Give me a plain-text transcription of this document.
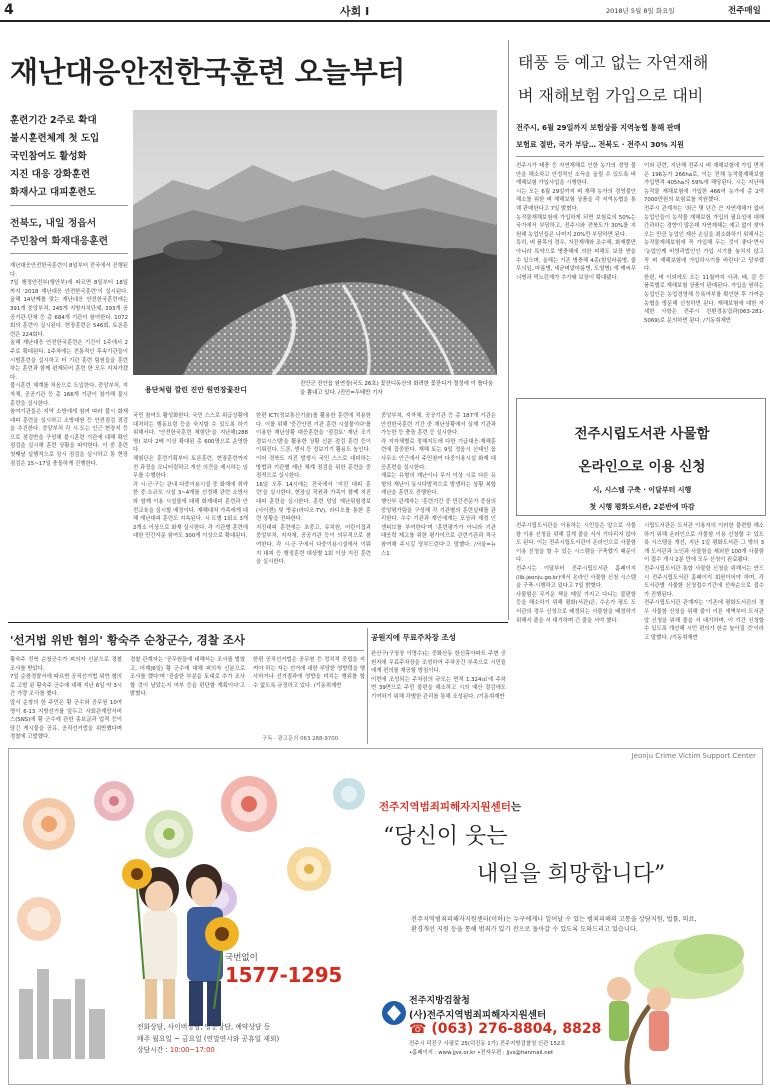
4	사회 I	2018년 5월 8일 화요일	전주매일
재난대응안전한국훈련 오늘부터
훈련기간 2주로 확대
불시훈련체계 첫 도입
국민참여도 활성화
지진 대응 강화훈련
화재사고 대피훈련도
전북도, 내일 정읍서
주민참여 화재대응훈련

재난대응안전한국훈련이 8일부터 전국에서 진행된다.

7일 행정안전부(행안부)에 따르면 8일부터 18일까지 '2018 재난대응 안전한국훈련'이 실시된다. 올해 14년째를 맞는 재난대응 안전한국훈련에는 391개 중앙부처, 245개 지방자치단체, 393개 공공기관·단체 등 총 684개 기관이 참여한다. 1072회의 훈련이 실시된다. 현장훈련은 546회, 토론훈련은 224회다.

올해 재난대응 안전한국훈련은 기간이 1주에서 2주로 확대된다. 1주차에는 전통적인 후속기관들이 시범훈련을 실시하고 터 기관 훈련 팀원들을 훈련하는 훈련과 함께 편제되어 훈련 한 모두 지쳐가겠다.

불시훈련 체계를 처음으로 도입한다. 중앙부처, 지자체, 공공기관 등 총 166개 기관이 참가해 불시 훈련을 실시한다.

참여기관들은 지역 소방에게 참여 따라 불시 화재대피 훈련을 실시하고 소방대원 등 안전점검 점검을 추진한다. 중앙부처 각 시·도는 인근 현장지 등으로 점검반을 구성해 불시훈련 기관에 대해 확인 점검을 실시해 훈련 상황을 파악한다. 이 중 훈련 첫째날 실행적으로 상시 점검을 실시하고 통 현장점검은 15~17일 충돌하게 진행한다.

용단처럼 깔린 진안 원연장꽃잔디
진안군 진안읍 원연장(국도 26호) 꽃잔디동산의 화려한 꽃잔디가 절정에 이 틀다움을 뽐내고 있다. /진안=두태만 기자

국민 참여도 활성화한다. 국민 스스로 위급상황에 대처하는 행동요령 등을 숙지할 수 있도록 하기 위해서다. '안전한국훈련 체험단'을 지난해(288명) 보다 2배 이상 확대된 총 600명으로 운영한다.

체험단은 훈련기획부터 토론훈련, 현장훈련까지 전 과정을 모니터링하고 개선 의견을 제시하는 임무를 수행한다.

각 시·군·구는 관내 다중이용시설 중 화재에 취약한 중·소규모 시설 3~4개를 선정해 관련 소방서와 함께 이용 시설물에 대해 화재대피 훈련과 안전교육을 실시할 예정이다. 재해대처 가족에게 대해 재난대피 훈련도 지속된다. 시·도별 1회소 3개 2개소 이상으로 화재 실시한다. 각 기관별 훈련에 대한 민간자문 참여도 300개 이상으로 확대된다.

한편 ICT(정보통신기술)를 활용한 훈련에 적용한다. 이를 위해 '중간안전 기관 훈련 시설물이다'를 이용한 재난상황 대응훈련을 '점검토' 재난 조기경보시스템'을 활용한 상황 신분 점검 훈련 등이 이뤄진다. 드론, 센서 등 정보기기 활용도 높인다.

이어 경북도 지진 발생시 국민 스스로 대피하는 방법과 기관별 재난 체계 점검을 위한 훈련을 중점적으로 실시한다.

16일 오후 14시에는 전국에서 '지진 대피 훈련'을 실시한다. 현장실 직원과 가족이 함께 지진대피 훈련을 실시한다. 훈련 당일 재난위험경보(사이렌) 및 방송(라디오·TV), 라디오를 통한 훈련 상황을 전파한다.

지진대피 훈련에는 초중고, 유치원, 어린이집과 중앙부처, 지자체, 공공기관 등이 의무적으로 참여한다. 각 시·군·구에서 다중이용시설에서 이뤄지 대피 등 행정훈련 대상별 1회 이상 지진 훈련을 실시한다.

중앙부처, 지자체, 공공기관 등 총 187개 기관은 안전한국훈련 기간 중 재난상황에서 실제 기관과 가능한 등 충돌 훈련 등 실시한다.

각 지자체별로 정해지도에 다한 기급대응·재해훈련에 집중한다. 재해 토는 9일 정읍시 신태인 읍사무소 인근에서 주민참여 다중이용시설 화재 대응훈련을 실시한다.

재료는 유형의 재난이나 무거 이상 시로 다른 유형의 재난이 동시다발적으로 발생하는 상황 복합재난을 훈련도 진행한다.

행안부 관계자는 '훈련기간 중 민간전문가 중심의 중앙평가팀을 구성해 각 기관별의 훈련실태를 관리한다. 우수 기관과 개인에게는 포상과 재정 인센티브를 부여한다'며 '훈련평가가 아니라 기관 대응력 제고를 위한 평가이므로 관련기관과 적극 참여해 주시길 당부드린다'고 말했다. /서울=뉴스1

태풍 등 예고 없는 자연재해
벼 재해보험 가입으로 대비
전주시, 6월 29일까지 보험상품 지역농협 통해 판매
보험료 절반, 국가 부담… 전북도 · 전주시 30% 지원

전주시가 태풍 등 자연재해로 인한 농가의 경영 불안을 해소하고 안정적인 소득을 올릴 수 있도록 벼 재해보험 가입사업을 시행한다.

시는 오는 6월 29일까지 벼 재해 농가의 경영불안 해소를 위한 벼 재해보험 상품을 각 지역농협을 통해 판매한다고 7일 밝혔다.

농작물재해보험에 가입하게 되면 보험료의 50%는 국가에서 부담하고, 전주시와 전북도가 30%를 지원해 농업인들은 나머지 20%만 부담하면 된다.

특히, 벼 품목의 경우, 지진재해와 조수해, 화재뿐만 아니라 특약으로 병충해에 의한 피해도 보장 받을 수 있으며, 올해는 기존 병충해 4종(흰잎마름병, 줄무늬잎, 마름병, 세균벼알마름병, 도열병) 에 깨씨무늬병과 먹노린재가 추가돼 보장이 확대됐다.

이와 관련, 지난해 전주시 벼 재해보험에 가입 면적은 196농가 266ha로, 이는 전체 농작물재해보험 가입면적 405ha의 59%에 해당된다. 시는 지난해 농작물 재해보험에 가입한 466여 농가에 총 2억7000만원의 보험료를 지원했다.

전주시 관계자는 '최근 몇 년간 큰 자연재해가 없어 농업인들이 농작물 재해보험 가입의 필요성에 대해 간과하는 경향이 많은데 자연재해는 예고 없이 찾아오는 만큼 농업인 재산 손실을 최소화하기 위해서는 농작물재해보험에 꼭 가입해 두는 것이 좋다'면서 '농업인께 비영리법인인 가입 시기를 놓치지 않고 꼭 벼 재해보험에 가입하시기를 바란다'고 당부했다.

한편, 벼 이외에도 오는 11월까지 사과, 배, 감 등 품목별로 재해보험 상품이 판매된다. 가입을 원하는 농업인은 농업경영체 등록여부를 확인한 후 가까운 농협을 방문해 신청하면 된다. 재해보험에 대한 자세한 사항은 전주시 친환경농업과(063-281-5069)로 문의하면 된다. /기동취재반

전주시립도서관 사물함
온라인으로 이용 신청
시, 시스템 구축 · 이달부터 시행
첫 시행 평화도서관, 2분반에 마감

전주시립도서관을 이용하는 시민들은 앞으로 사물함 이용 신청을 위해 길게 줄을 서서 기다리지 않아도 된다. 이는 전주시립도서관이 온라인으로 사물함 이용 신청을 할 수 있는 시스템을 구축했기 때문이다.

전주시는 이달부터 전주시립도서관 홈페이지(lib.jeonju.go.kr)에서 온라인 사물함 신청 시스템을 구축·시행하고 있다고 7일 밝혔다.

사물함은 무거운 책을 매일 가지고 다니는 불편함 등을 해소하기 위해 평화(서관)은, 수손가 평도 도서관의 경우 신청으로 배정되는 사물함을 배정하기 위해서 줄을 서 대기하며 긴 줄을 서야 했다.

시립도서관은 도서관 이용자의 이러한 불편함 해소하기 위해 온라인으로 사물함 이용 신청할 수 있도록 시스템을 개선, 지난 1일 평화도서관 그 밖의 3개 도서관과 노인과 사물함을 제외한 100개 사물함이 접수 개시 2분 만에 모두 신청이 완료됐다.

전주시립도서관 통합 사물함 신청을 위해서는 반드시 전주시립도서관 홈페이지 회원이어야 하며, 각 도서관별 사물함 신청접수기간에 선착순으로 접수가 진행된다.

전주시립도서관 관계자는 '기존에 평화도서관의 경우 사물함 신청을 위해 줄이 이른 새벽부터 도서관 앞 신청을 위해 줄을 서 대기하며, 이 기간 신청할 수 있도록 개선해 시민 편의가 한층 높아질 것'이라고 말했다. /기동취재반

'선거법 위반 혐의' 황숙주 순창군수, 경찰 조사

황숙주 전북 순창군수가 피의자 신분으로 경찰 조사를 받았다.

7일 순창경찰서에 따르면 공직선거법 위반 혐의로 고발 된 황숙주 군수에 대해 지난 6일 약 3시간 가량 조사를 했다.

앞서 순창의 한 주민은 황 군수와 공무원 10여명이 6·13 지방선거를 앞두고 사회관계망서비스(SNS)에 황 군수에 관한 홍보글과 업적 등이 담긴 게시물을 공유, 공직선거법을 위반했다며 경찰에 고발했다.

경찰 관계자는 '공무원들에 대해서는 조사를 벌였고, 어제(6일) 황 군수에 대해 피의자 신분으로 조사를 했다'며 '진술한 부분을 토대로 추가 조사할 것이 남았는지 여부 등을 판단할 계획이다'고 밝혔다.

한편 공직선거법은 공무원 등 정치적 중립을 지켜야 하는 자는 선거에 대한 부당한 영향력을 행사하거나 선거결과에 영향을 미치는 행위를 할 수 없도록 규정하고 있다. /기동취재반

구독 · 광고문의 063 288-9700
공원지에 무료주차장 조성

완산구(구청장 이명수)는 중화산동 한신휴아파트 주변 공원지에 무료주차장을 조성하여 주차공간 부족으로 시민들에게 편의를 제공할 방침이다.

이번에 조성되는 주차장의 규모는 면적 1,324㎡에 주차면 39면으로 주민 불편을 해소하고 시의 예산 절감에도 기여하기 위해 각별한 관리를 통해 조성된다. /기동취재반

Jeonju Crime Victim Support Center
전주지역범죄피해자지원센터는
“당신이 웃는
내일을 희망합니다”
전주지역범죄피해자지원센터(이하)는 누구에게나 일어날 수 있는 범죄피해의 고통을 상담지원, 법률, 의료, 환경개선 지원 등을 통해 범죄가 있기 전으로 돌아갈 수 있도록 도와드리고 있습니다.
국번없이
1577-1295
전화상담, 사이버상담, 방문상담, 예약상담 등
매주 월요일 ~ 금요일 (연말연시와 공휴일 제외)
상담시간 : 10:00~17:00
전주지방검찰청
(사)전주지역범죄피해자지원센터
☎ (063) 276-8804, 8828
전주시 덕진구 사평로 25(덕진동 1가) 전주지방검찰청 신관 152호
•홈페이지 : www.jjvs.or.kr •전자우편 : jjvs@hanmail.net
